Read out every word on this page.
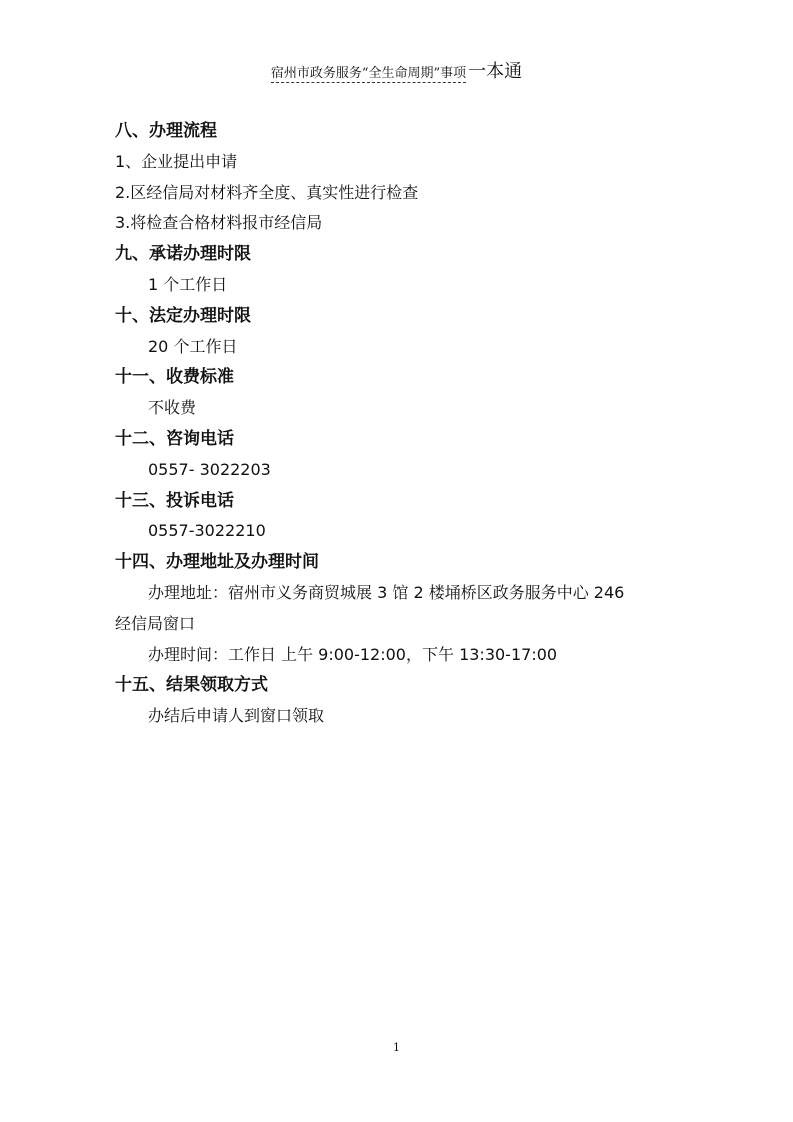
宿州市政务服务“全生命周期”事项 一本通
八、办理流程
1、企业提出申请
2.区经信局对材料齐全度、真实性进行检查
3.将检查合格材料报市经信局
九、承诺办理时限
1 个工作日
十、法定办理时限
20 个工作日
十一、收费标准
不收费
十二、咨询电话
0557- 3022203
十三、投诉电话
0557-3022210
十四、办理地址及办理时间
办理地址：宿州市义务商贸城展 3 馆 2 楼埇桥区政务服务中心 246
经信局窗口
办理时间：工作日 上午 9:00-12:00，下午 13:30-17:00
十五、结果领取方式
办结后申请人到窗口领取
1
